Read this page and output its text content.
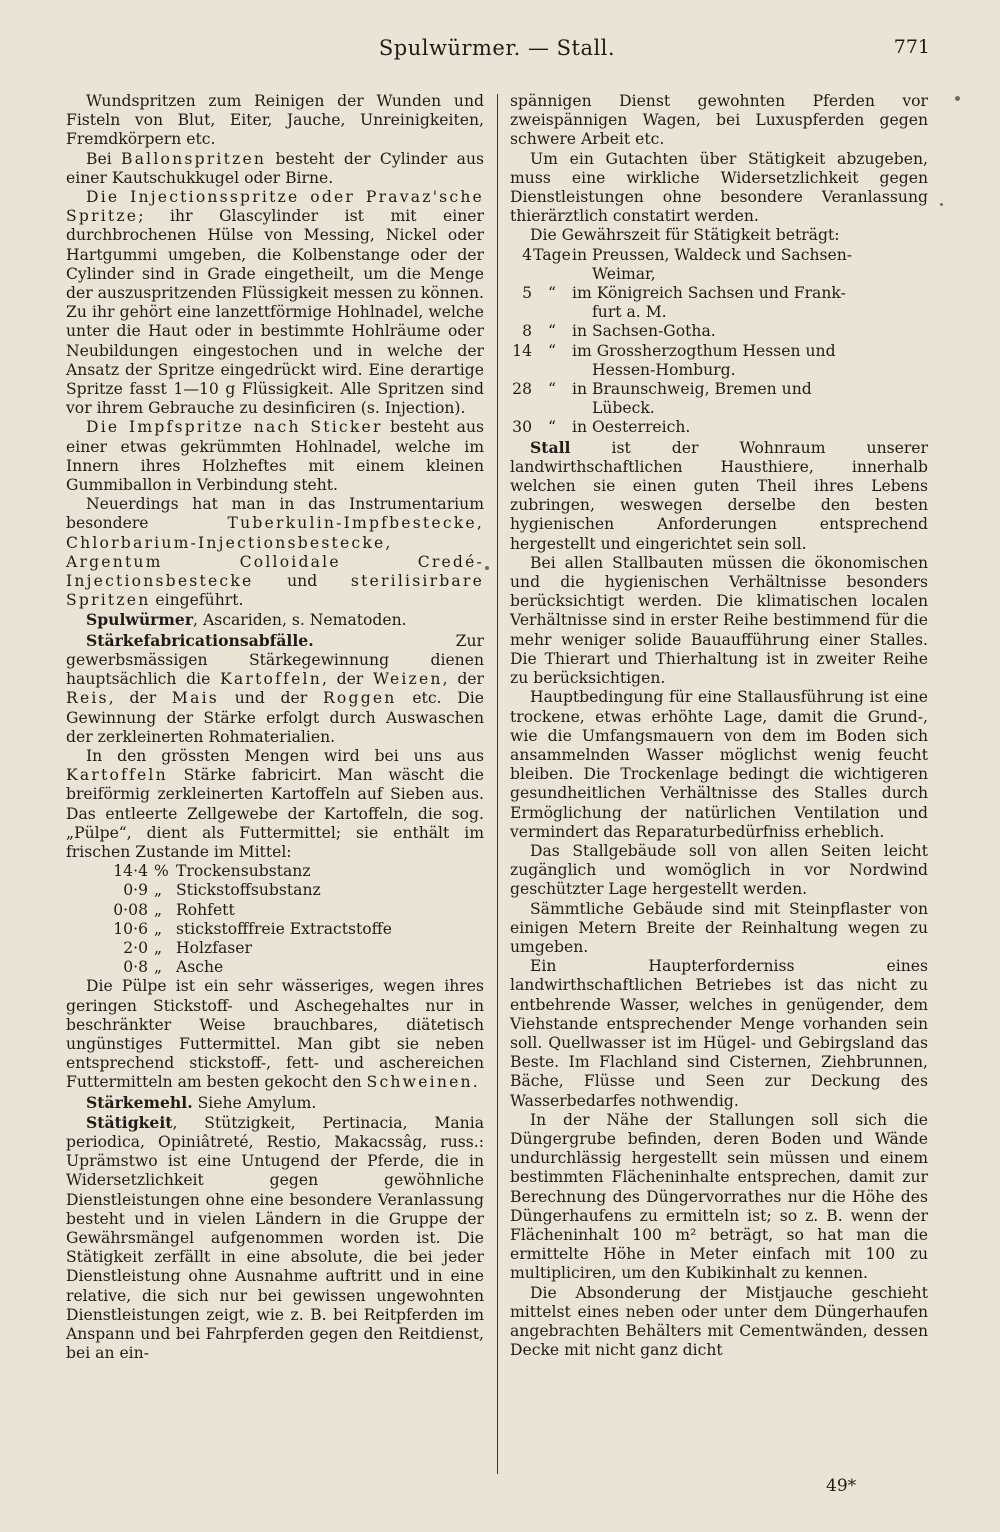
Spulwürmer. — Stall.	771

Wundspritzen zum Reinigen der Wunden und Fisteln von Blut, Eiter, Jauche, Unreinigkeiten, Fremdkörpern etc.

Bei Ballonspritzen besteht der Cylinder aus einer Kautschukkugel oder Birne.

Die Injectionsspritze oder Pravaz'sche Spritze; ihr Glascylinder ist mit einer durchbrochenen Hülse von Messing, Nickel oder Hartgummi umgeben, die Kolbenstange oder der Cylinder sind in Grade eingetheilt, um die Menge der auszuspritzenden Flüssigkeit messen zu können. Zu ihr gehört eine lanzettförmige Hohlnadel, welche unter die Haut oder in bestimmte Hohlräume oder Neubildungen eingestochen und in welche der Ansatz der Spritze eingedrückt wird. Eine derartige Spritze fasst 1—10 g Flüssigkeit. Alle Spritzen sind vor ihrem Gebrauche zu desinficiren (s. Injection).

Die Impfspritze nach Sticker besteht aus einer etwas gekrümmten Hohlnadel, welche im Innern ihres Holzheftes mit einem kleinen Gummiballon in Verbindung steht.

Neuerdings hat man in das Instrumentarium besondere Tuberkulin-Impfbestecke, Chlorbarium-Injectionsbestecke, Argentum Colloidale Credé-Injectionsbestecke und sterilisirbare Spritzen eingeführt.

Spulwürmer, Ascariden, s. Nematoden.

Stärkefabricationsabfälle. Zur gewerbsmässigen Stärkegewinnung dienen hauptsächlich die Kartoffeln, der Weizen, der Reis, der Mais und der Roggen etc. Die Gewinnung der Stärke erfolgt durch Auswaschen der zerkleinerten Rohmaterialien.

In den grössten Mengen wird bei uns aus Kartoffeln Stärke fabricirt. Man wäscht die breiförmig zerkleinerten Kartoffeln auf Sieben aus. Das entleerte Zellgewebe der Kartoffeln, die sog. „Pülpe“, dient als Futtermittel; sie enthält im frischen Zustande im Mittel:

14·4 % Trockensubstanz
0·9 „ Stickstoffsubstanz
0·08 „ Rohfett
10·6 „ stickstofffreie Extractstoffe
2·0 „ Holzfaser
0·8 „ Asche

Die Pülpe ist ein sehr wässeriges, wegen ihres geringen Stickstoff- und Aschegehaltes nur in beschränkter Weise brauchbares, diätetisch ungünstiges Futtermittel. Man gibt sie neben entsprechend stickstoff-, fett- und aschereichen Futtermitteln am besten gekocht den Schweinen.

Stärkemehl. Siehe Amylum.

Stätigkeit, Stützigkeit, Pertinacia, Mania periodica, Opiniâtreté, Restio, Makacssâg, russ.: Uprämstwo ist eine Untugend der Pferde, die in Widersetzlichkeit gegen gewöhnliche Dienstleistungen ohne eine besondere Veranlassung besteht und in vielen Ländern in die Gruppe der Gewährsmängel aufgenommen worden ist. Die Stätigkeit zerfällt in eine absolute, die bei jeder Dienstleistung ohne Ausnahme auftritt und in eine relative, die sich nur bei gewissen ungewohnten Dienstleistungen zeigt, wie z. B. bei Reitpferden im Anspann und bei Fahrpferden gegen den Reitdienst, bei an ein-

spännigen Dienst gewohnten Pferden vor zweispännigen Wagen, bei Luxuspferden gegen schwere Arbeit etc.

Um ein Gutachten über Stätigkeit abzugeben, muss eine wirkliche Widersetzlichkeit gegen Dienstleistungen ohne besondere Veranlassung thierärztlich constatirt werden.

Die Gewährszeit für Stätigkeit beträgt:

4 Tage in Preussen, Waldeck und Sachsen-
Weimar,
5	“	im Königreich Sachsen und Frank-
furt a. M.
8	“	in Sachsen-Gotha.
14	“	im Grossherzogthum Hessen und
Hessen-Homburg.
28	“	in Braunschweig, Bremen und
Lübeck.
30	“	in Oesterreich.

Stall ist der Wohnraum unserer landwirthschaftlichen Hausthiere, innerhalb welchen sie einen guten Theil ihres Lebens zubringen, weswegen derselbe den besten hygienischen Anforderungen entsprechend hergestellt und eingerichtet sein soll.

Bei allen Stallbauten müssen die ökonomischen und die hygienischen Verhältnisse besonders berücksichtigt werden. Die klimatischen localen Verhältnisse sind in erster Reihe bestimmend für die mehr weniger solide Bauaufführung einer Stalles. Die Thierart und Thierhaltung ist in zweiter Reihe zu berücksichtigen.

Hauptbedingung für eine Stallausführung ist eine trockene, etwas erhöhte Lage, damit die Grund-, wie die Umfangsmauern von dem im Boden sich ansammelnden Wasser möglichst wenig feucht bleiben. Die Trockenlage bedingt die wichtigeren gesundheitlichen Verhältnisse des Stalles durch Ermöglichung der natürlichen Ventilation und vermindert das Reparaturbedürfniss erheblich.

Das Stallgebäude soll von allen Seiten leicht zugänglich und womöglich in vor Nordwind geschützter Lage hergestellt werden.

Sämmtliche Gebäude sind mit Steinpflaster von einigen Metern Breite der Reinhaltung wegen zu umgeben.

Ein Haupterforderniss eines landwirthschaftlichen Betriebes ist das nicht zu entbehrende Wasser, welches in genügender, dem Viehstande entsprechender Menge vorhanden sein soll. Quellwasser ist im Hügel- und Gebirgsland das Beste. Im Flachland sind Cisternen, Ziehbrunnen, Bäche, Flüsse und Seen zur Deckung des Wasserbedarfes nothwendig.

In der Nähe der Stallungen soll sich die Düngergrube befinden, deren Boden und Wände undurchlässig hergestellt sein müssen und einem bestimmten Flächeninhalte entsprechen, damit zur Berechnung des Düngervorrathes nur die Höhe des Düngerhaufens zu ermitteln ist; so z. B. wenn der Flächeninhalt 100 m² beträgt, so hat man die ermittelte Höhe in Meter einfach mit 100 zu multipliciren, um den Kubikinhalt zu kennen.

Die Absonderung der Mistjauche geschieht mittelst eines neben oder unter dem Düngerhaufen angebrachten Behälters mit Cementwänden, dessen Decke mit nicht ganz dicht

49*
